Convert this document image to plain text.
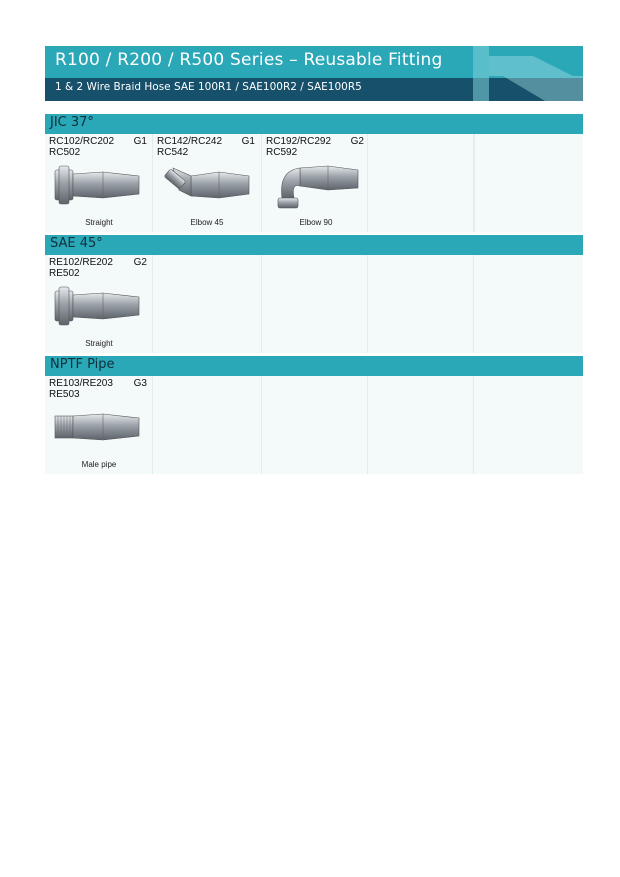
R100 / R200 / R500 Series – Reusable Fitting
1 & 2 Wire Braid Hose SAE 100R1 / SAE100R2 / SAE100R5
JIC 37°
RC102/RC202
RC502
G1
Straight
RC142/RC242
RC542
G1
Elbow 45
RC192/RC292
RC592
G2
Elbow 90
SAE 45°
RE102/RE202
RE502
G2
Straight
NPTF Pipe
RE103/RE203
RE503
G3
Male pipe
